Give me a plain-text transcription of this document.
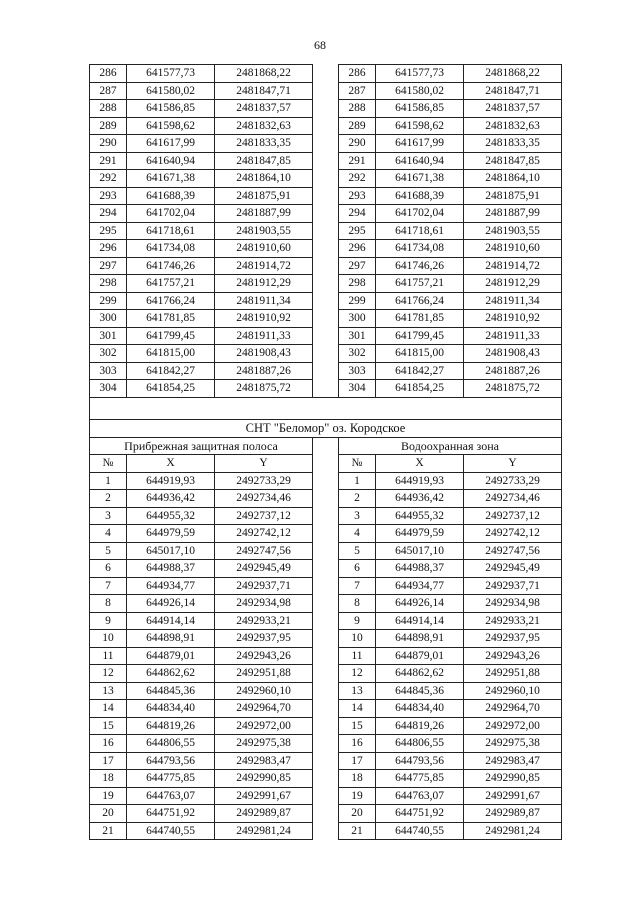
68
286	641577,73	2481868,22		286	641577,73	2481868,22
287	641580,02	2481847,71		287	641580,02	2481847,71
288	641586,85	2481837,57		288	641586,85	2481837,57
289	641598,62	2481832,63		289	641598,62	2481832,63
290	641617,99	2481833,35		290	641617,99	2481833,35
291	641640,94	2481847,85		291	641640,94	2481847,85
292	641671,38	2481864,10		292	641671,38	2481864,10
293	641688,39	2481875,91		293	641688,39	2481875,91
294	641702,04	2481887,99		294	641702,04	2481887,99
295	641718,61	2481903,55		295	641718,61	2481903,55
296	641734,08	2481910,60		296	641734,08	2481910,60
297	641746,26	2481914,72		297	641746,26	2481914,72
298	641757,21	2481912,29		298	641757,21	2481912,29
299	641766,24	2481911,34		299	641766,24	2481911,34
300	641781,85	2481910,92		300	641781,85	2481910,92
301	641799,45	2481911,33		301	641799,45	2481911,33
302	641815,00	2481908,43		302	641815,00	2481908,43
303	641842,27	2481887,26		303	641842,27	2481887,26
304	641854,25	2481875,72		304	641854,25	2481875,72

СНТ "Беломор" оз. Кородское						
Прибрежная защитная полоса				Водоохранная зона		
№	X	Y		№	X	Y
1	644919,93	2492733,29		1	644919,93	2492733,29
2	644936,42	2492734,46		2	644936,42	2492734,46
3	644955,32	2492737,12		3	644955,32	2492737,12
4	644979,59	2492742,12		4	644979,59	2492742,12
5	645017,10	2492747,56		5	645017,10	2492747,56
6	644988,37	2492945,49		6	644988,37	2492945,49
7	644934,77	2492937,71		7	644934,77	2492937,71
8	644926,14	2492934,98		8	644926,14	2492934,98
9	644914,14	2492933,21		9	644914,14	2492933,21
10	644898,91	2492937,95		10	644898,91	2492937,95
11	644879,01	2492943,26		11	644879,01	2492943,26
12	644862,62	2492951,88		12	644862,62	2492951,88
13	644845,36	2492960,10		13	644845,36	2492960,10
14	644834,40	2492964,70		14	644834,40	2492964,70
15	644819,26	2492972,00		15	644819,26	2492972,00
16	644806,55	2492975,38		16	644806,55	2492975,38
17	644793,56	2492983,47		17	644793,56	2492983,47
18	644775,85	2492990,85		18	644775,85	2492990,85
19	644763,07	2492991,67		19	644763,07	2492991,67
20	644751,92	2492989,87		20	644751,92	2492989,87
21	644740,55	2492981,24		21	644740,55	2492981,24
